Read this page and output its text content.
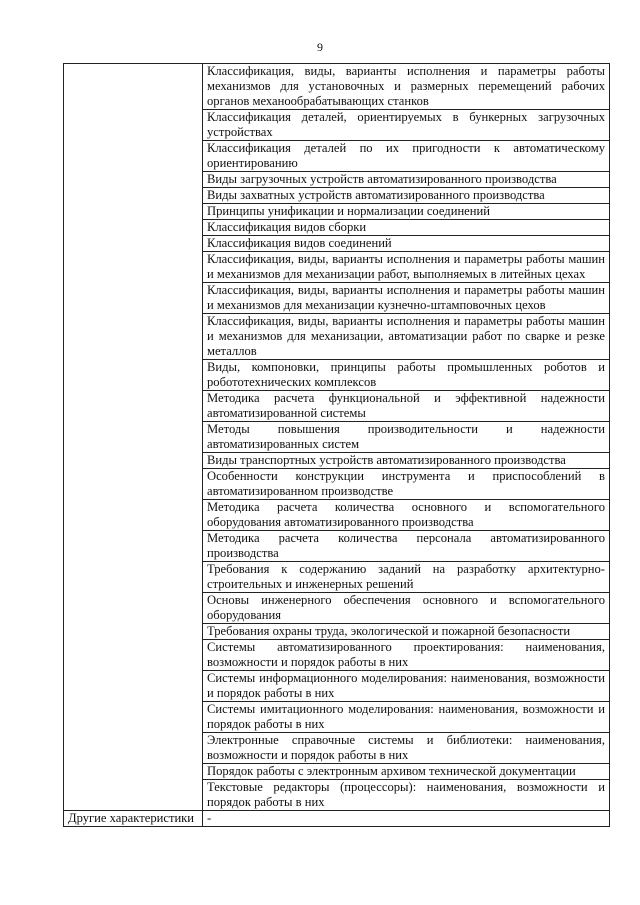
9
	Классификация, виды, варианты исполнения и параметры работы механизмов для установочных и размерных перемещений рабочих органов механообрабатывающих станков
	Классификация деталей, ориентируемых в бункерных загрузочных устройствах
	Классификация деталей по их пригодности к автоматическому ориентированию
	Виды загрузочных устройств автоматизированного производства
	Виды захватных устройств автоматизированного производства
	Принципы унификации и нормализации соединений
	Классификация видов сборки
	Классификация видов соединений
	Классификация, виды, варианты исполнения и параметры работы машин и механизмов для механизации работ, выполняемых в литейных цехах
	Классификация, виды, варианты исполнения и параметры работы машин и механизмов для механизации кузнечно-штамповочных цехов
	Классификация, виды, варианты исполнения и параметры работы машин и механизмов для механизации, автоматизации работ по сварке и резке металлов
	Виды, компоновки, принципы работы промышленных роботов и робототехнических комплексов
	Методика расчета функциональной и эффективной надежности автоматизированной системы
	Методы повышения производительности и надежности автоматизированных систем
	Виды транспортных устройств автоматизированного производства
	Особенности конструкции инструмента и приспособлений в автоматизированном производстве
	Методика расчета количества основного и вспомогательного оборудования автоматизированного производства
	Методика расчета количества персонала автоматизированного производства
	Требования к содержанию заданий на разработку архитектурно-строительных и инженерных решений
	Основы инженерного обеспечения основного и вспомогательного оборудования
	Требования охраны труда, экологической и пожарной безопасности
	Системы автоматизированного проектирования: наименования, возможности и порядок работы в них
	Системы информационного моделирования: наименования, возможности и порядок работы в них
	Системы имитационного моделирования: наименования, возможности и порядок работы в них
	Электронные справочные системы и библиотеки: наименования, возможности и порядок работы в них
	Порядок работы с электронным архивом технической документации
	Текстовые редакторы (процессоры): наименования, возможности и порядок работы в них
Другие характеристики	-
